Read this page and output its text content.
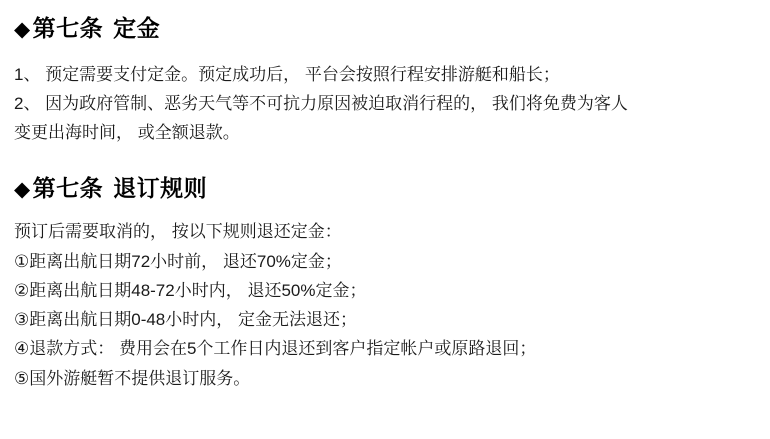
◆第七条 定金

1、 预定需要支付定金。预定成功后， 平台会按照行程安排游艇和船长；

2、 因为政府管制、恶劣天气等不可抗力原因被迫取消行程的， 我们将免费为客人

变更出海时间， 或全额退款。

◆第七条 退订规则

预订后需要取消的， 按以下规则退还定金：

①距离出航日期72小时前， 退还70%定金；

②距离出航日期48-72小时内， 退还50%定金；

③距离出航日期0-48小时内， 定金无法退还；

④退款方式： 费用会在5个工作日内退还到客户指定帐户或原路退回；

⑤国外游艇暂不提供退订服务。
